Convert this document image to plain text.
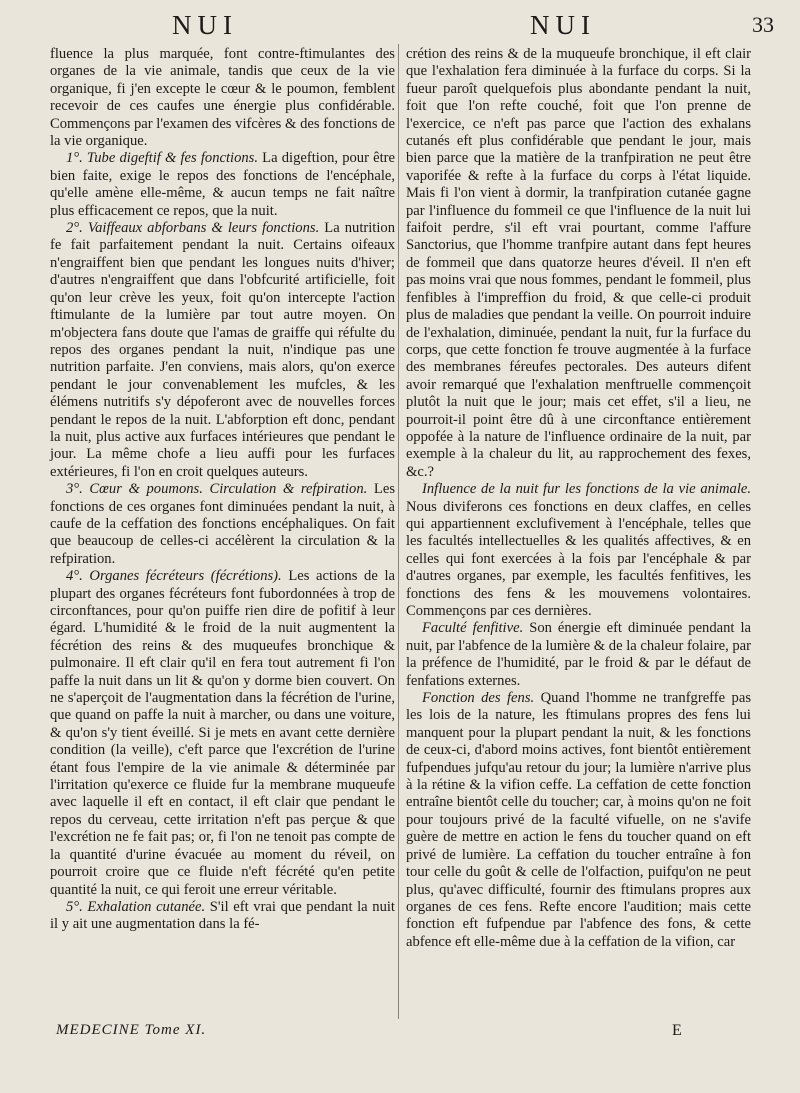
NUI	NUI	33

fluence la plus marquée, font contre-ftimulantes des organes de la vie animale, tandis que ceux de la vie organique, fi j'en excepte le cœur & le poumon, femblent recevoir de ces caufes une énergie plus confidérable. Commençons par l'examen des vifcères & des fonctions de la vie organique.

1°. Tube digeftif & fes fonctions. La digeftion, pour être bien faite, exige le repos des fonctions de l'encéphale, qu'elle amène elle-même, & aucun temps ne fait naître plus efficacement ce repos, que la nuit.

2°. Vaiffeaux abforbans & leurs fonctions. La nutrition fe fait parfaitement pendant la nuit. Certains oifeaux n'engraiffent bien que pendant les longues nuits d'hiver; d'autres n'engraiffent que dans l'obfcurité artificielle, foit qu'on leur crève les yeux, foit qu'on intercepte l'action ftimulante de la lumière par tout autre moyen. On m'objectera fans doute que l'amas de graiffe qui réfulte du repos des organes pendant la nuit, n'indique pas une nutrition parfaite. J'en conviens, mais alors, qu'on exerce pendant le jour convenablement les mufcles, & les élémens nutritifs s'y dépoferont avec de nouvelles forces pendant le repos de la nuit. L'abforption eft donc, pendant la nuit, plus active aux furfaces intérieures que pendant le jour. La même chofe a lieu auffi pour les furfaces extérieures, fi l'on en croit quelques auteurs.

3°. Cœur & poumons. Circulation & refpiration. Les fonctions de ces organes font diminuées pendant la nuit, à caufe de la ceffation des fonctions encéphaliques. On fait que beaucoup de celles-ci accélèrent la circulation & la refpiration.

4°. Organes fécréteurs (fécrétions). Les actions de la plupart des organes fécréteurs font fubordonnées à trop de circonftances, pour qu'on puiffe rien dire de pofitif à leur égard. L'humidité & le froid de la nuit augmentent la fécrétion des reins & des muqueufes bronchique & pulmonaire. Il eft clair qu'il en fera tout autrement fi l'on paffe la nuit dans un lit & qu'on y dorme bien couvert. On ne s'aperçoit de l'augmentation dans la fécrétion de l'urine, que quand on paffe la nuit à marcher, ou dans une voiture, & qu'on s'y tient éveillé. Si je mets en avant cette dernière condition (la veille), c'eft parce que l'excrétion de l'urine étant fous l'empire de la vie animale & déterminée par l'irritation qu'exerce ce fluide fur la membrane muqueufe avec laquelle il eft en contact, il eft clair que pendant le repos du cerveau, cette irritation n'eft pas perçue & que l'excrétion ne fe fait pas; or, fi l'on ne tenoit pas compte de la quantité d'urine évacuée au moment du réveil, on pourroit croire que ce fluide n'eft fécrété qu'en petite quantité la nuit, ce qui feroit une erreur véritable.

5°. Exhalation cutanée. S'il eft vrai que pendant la nuit il y ait une augmentation dans la fé-

crétion des reins & de la muqueufe bronchique, il eft clair que l'exhalation fera diminuée à la furface du corps. Si la fueur paroît quelquefois plus abondante pendant la nuit, foit que l'on refte couché, foit que l'on prenne de l'exercice, ce n'eft pas parce que l'action des exhalans cutanés eft plus confidérable que pendant le jour, mais bien parce que la matière de la tranfpiration ne peut être vaporifée & refte à la furface du corps à l'état liquide. Mais fi l'on vient à dormir, la tranfpiration cutanée gagne par l'influence du fommeil ce que l'influence de la nuit lui faifoit perdre, s'il eft vrai pourtant, comme l'affure Sanctorius, que l'homme tranfpire autant dans fept heures de fommeil que dans quatorze heures d'éveil. Il n'en eft pas moins vrai que nous fommes, pendant le fommeil, plus fenfibles à l'impreffion du froid, & que celle-ci produit plus de maladies que pendant la veille. On pourroit induire de l'exhalation, diminuée, pendant la nuit, fur la furface du corps, que cette fonction fe trouve augmentée à la furface des membranes féreufes pectorales. Des auteurs difent avoir remarqué que l'exhalation menftruelle commençoit plutôt la nuit que le jour; mais cet effet, s'il a lieu, ne pourroit-il point être dû à une circonftance entièrement oppofée à la nature de l'influence ordinaire de la nuit, par exemple à la chaleur du lit, au rapprochement des fexes, &c.?

Influence de la nuit fur les fonctions de la vie animale. Nous diviferons ces fonctions en deux claffes, en celles qui appartiennent exclufivement à l'encéphale, telles que les facultés intellectuelles & les qualités affectives, & en celles qui font exercées à la fois par l'encéphale & par d'autres organes, par exemple, les facultés fenfitives, les fonctions des fens & les mouvemens volontaires. Commençons par ces dernières.

Faculté fenfitive. Son énergie eft diminuée pendant la nuit, par l'abfence de la lumière & de la chaleur folaire, par la préfence de l'humidité, par le froid & par le défaut de fenfations externes.

Fonction des fens. Quand l'homme ne tranfgreffe pas les lois de la nature, les ftimulans propres des fens lui manquent pour la plupart pendant la nuit, & les fonctions de ceux-ci, d'abord moins actives, font bientôt entièrement fufpendues jufqu'au retour du jour; la lumière n'arrive plus à la rétine & la vifion ceffe. La ceffation de cette fonction entraîne bientôt celle du toucher; car, à moins qu'on ne foit pour toujours privé de la faculté vifuelle, on ne s'avife guère de mettre en action le fens du toucher quand on eft privé de lumière. La ceffation du toucher entraîne à fon tour celle du goût & celle de l'olfaction, puifqu'on ne peut plus, qu'avec difficulté, fournir des ftimulans propres aux organes de ces fens. Refte encore l'audition; mais cette fonction eft fufpendue par l'abfence des fons, & cette abfence eft elle-même due à la ceffation de la vifion, car

MEDECINE Tome XI.	E
